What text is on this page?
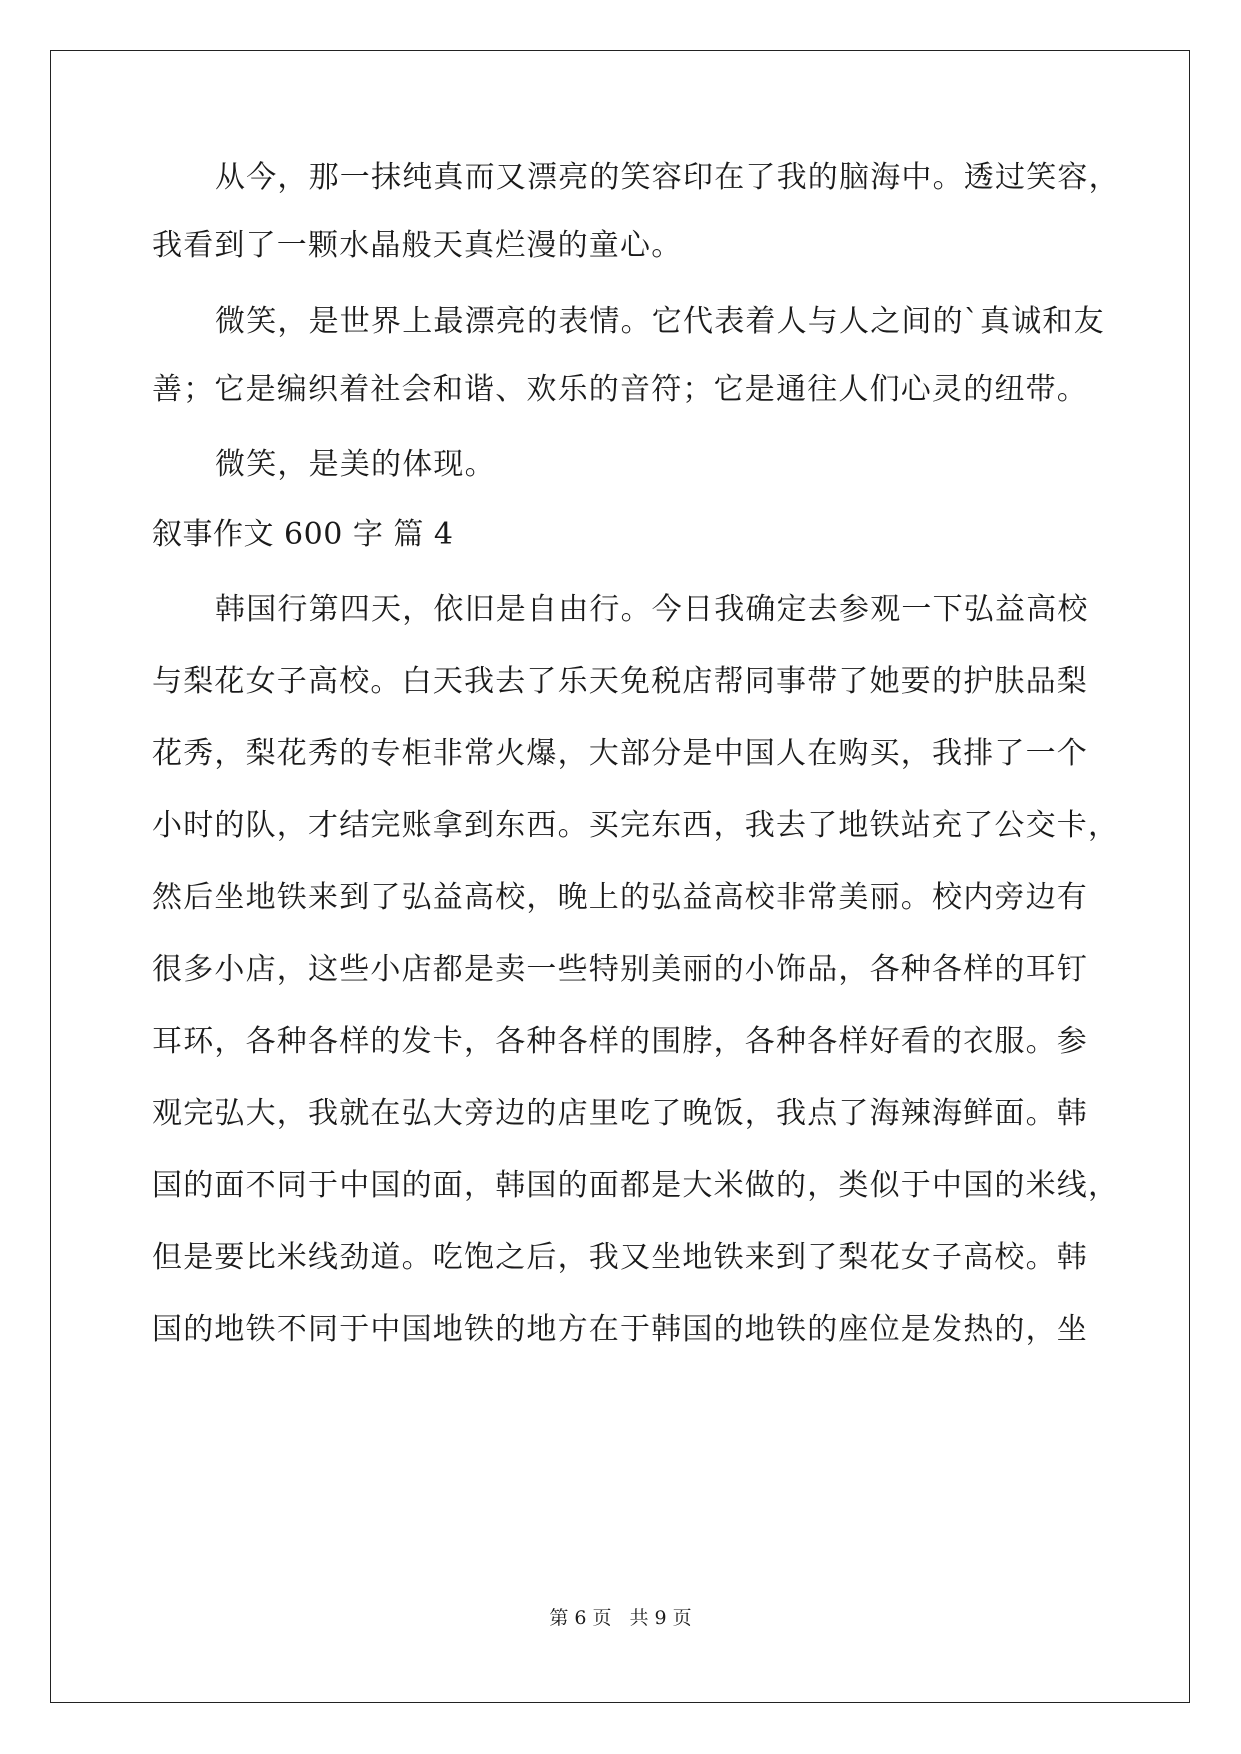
从今，那一抹纯真而又漂亮的笑容印在了我的脑海中。透过笑容，
我看到了一颗水晶般天真烂漫的童心。
微笑，是世界上最漂亮的表情。它代表着人与人之间的`真诚和友
善；它是编织着社会和谐、欢乐的音符；它是通往人们心灵的纽带。
微笑，是美的体现。
叙事作文 600 字 篇 4
韩国行第四天，依旧是自由行。今日我确定去参观一下弘益高校
与梨花女子高校。白天我去了乐天免税店帮同事带了她要的护肤品梨
花秀，梨花秀的专柜非常火爆，大部分是中国人在购买，我排了一个
小时的队，才结完账拿到东西。买完东西，我去了地铁站充了公交卡，
然后坐地铁来到了弘益高校，晚上的弘益高校非常美丽。校内旁边有
很多小店，这些小店都是卖一些特别美丽的小饰品，各种各样的耳钉
耳环，各种各样的发卡，各种各样的围脖，各种各样好看的衣服。参
观完弘大，我就在弘大旁边的店里吃了晚饭，我点了海辣海鲜面。韩
国的面不同于中国的面，韩国的面都是大米做的，类似于中国的米线，
但是要比米线劲道。吃饱之后，我又坐地铁来到了梨花女子高校。韩
国的地铁不同于中国地铁的地方在于韩国的地铁的座位是发热的，坐
第 6 页 共 9 页
